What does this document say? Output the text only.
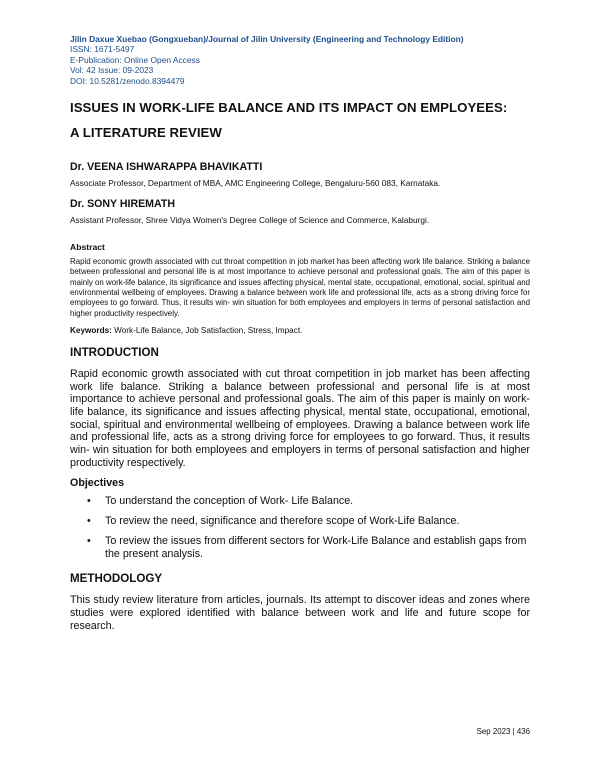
Jilin Daxue Xuebao (Gongxueban)/Journal of Jilin University (Engineering and Technology Edition)
ISSN: 1671-5497
E-Publication: Online Open Access
Vol: 42 Issue: 09-2023
DOI: 10.5281/zenodo.8394479
ISSUES IN WORK-LIFE BALANCE AND ITS IMPACT ON EMPLOYEES:
A LITERATURE REVIEW
Dr. VEENA ISHWARAPPA BHAVIKATTI
Associate Professor, Department of MBA, AMC Engineering College, Bengaluru-560 083, Karnataka.
Dr. SONY HIREMATH
Assistant Professor, Shree Vidya Women's Degree College of Science and Commerce, Kalaburgi.
Abstract
Rapid economic growth associated with cut throat competition in job market has been affecting work life balance. Striking a balance between professional and personal life is at most importance to achieve personal and professional goals. The aim of this paper is mainly on work-life balance, its significance and issues affecting physical, mental state, occupational, emotional, social, spiritual and environmental wellbeing of employees. Drawing a balance between work life and professional life, acts as a strong driving force for employees to go forward. Thus, it results win- win situation for both employees and employers in terms of personal satisfaction and higher productivity respectively.
Keywords: Work-Life Balance, Job Satisfaction, Stress, Impact.
INTRODUCTION
Rapid economic growth associated with cut throat competition in job market has been affecting work life balance. Striking a balance between professional and personal life is at most importance to achieve personal and professional goals. The aim of this paper is mainly on work-life balance, its significance and issues affecting physical, mental state, occupational, emotional, social, spiritual and environmental wellbeing of employees. Drawing a balance between work life and professional life, acts as a strong driving force for employees to go forward. Thus, it results win- win situation for both employees and employers in terms of personal satisfaction and higher productivity respectively.
Objectives
• To understand the conception of Work- Life Balance.
• To review the need, significance and therefore scope of Work-Life Balance.
• To review the issues from different sectors for Work-Life Balance and establish gaps from the present analysis.
METHODOLOGY
This study review literature from articles, journals. Its attempt to discover ideas and zones where studies were explored identified with balance between work and life and future scope for research.
Sep 2023 | 436
